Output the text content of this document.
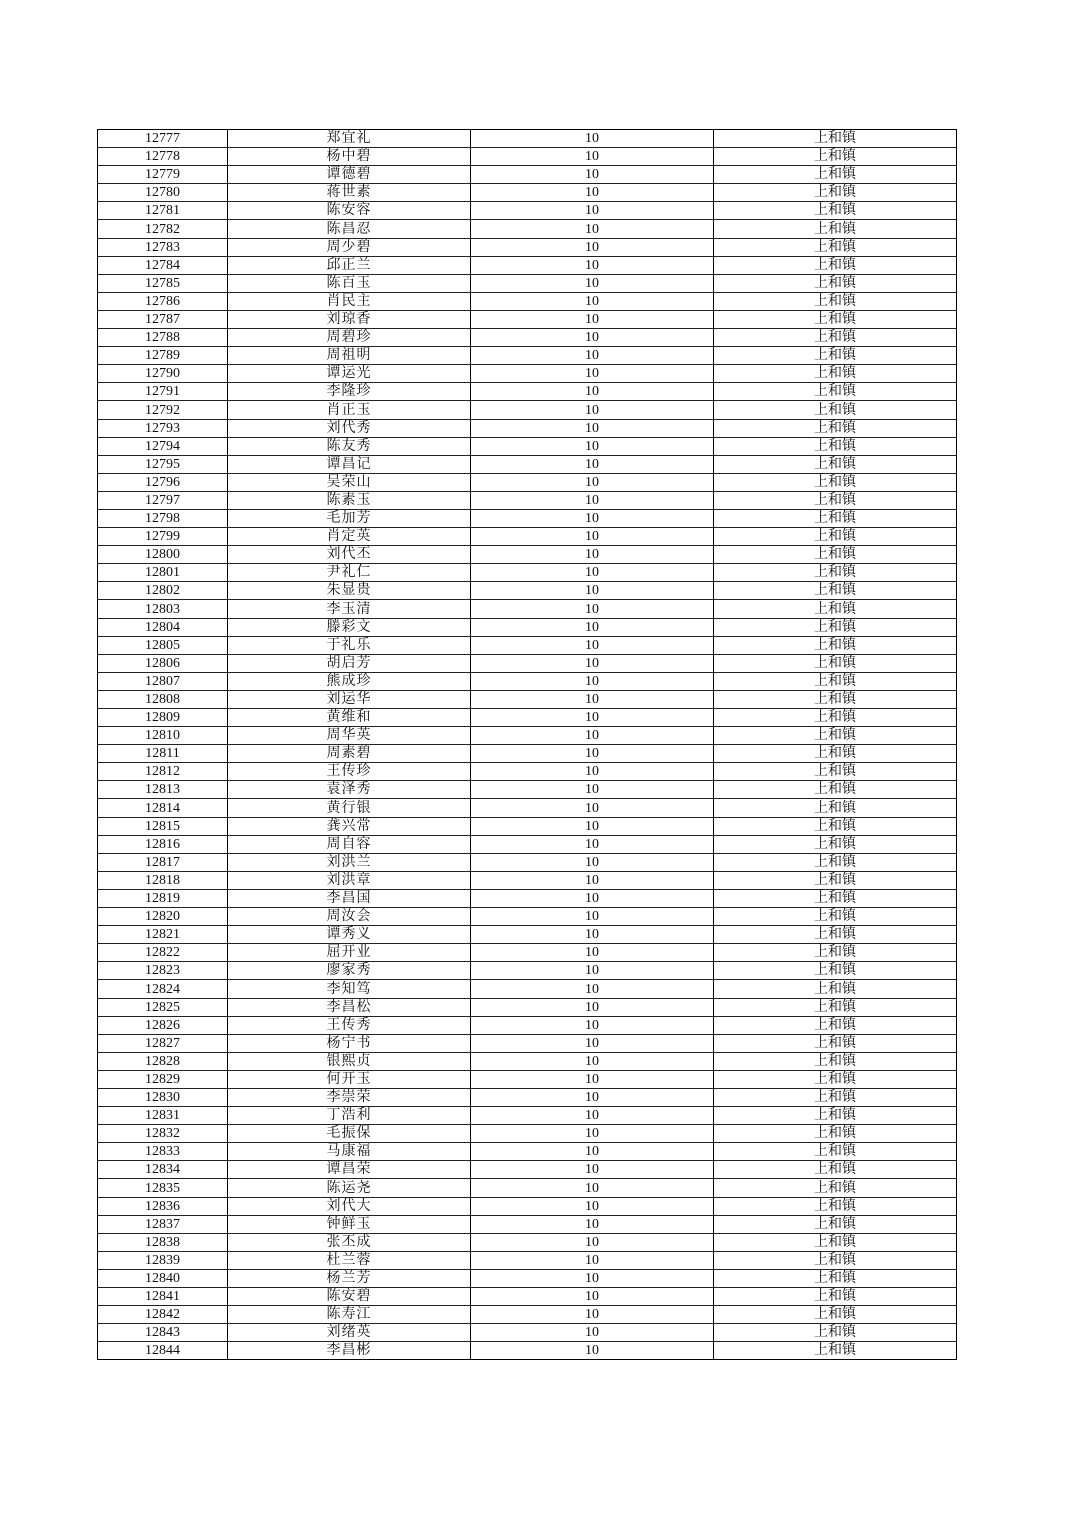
12777	郑宜礼	10	上和镇
12778	杨中碧	10	上和镇
12779	谭德碧	10	上和镇
12780	蒋世素	10	上和镇
12781	陈安容	10	上和镇
12782	陈昌忍	10	上和镇
12783	周少碧	10	上和镇
12784	邱正兰	10	上和镇
12785	陈百玉	10	上和镇
12786	肖民主	10	上和镇
12787	刘琼香	10	上和镇
12788	周碧珍	10	上和镇
12789	周祖明	10	上和镇
12790	谭运光	10	上和镇
12791	李隆珍	10	上和镇
12792	肖正玉	10	上和镇
12793	刘代秀	10	上和镇
12794	陈友秀	10	上和镇
12795	谭昌记	10	上和镇
12796	吴荣山	10	上和镇
12797	陈素玉	10	上和镇
12798	毛加芳	10	上和镇
12799	肖定英	10	上和镇
12800	刘代丕	10	上和镇
12801	尹礼仁	10	上和镇
12802	朱显贵	10	上和镇
12803	李玉清	10	上和镇
12804	滕彩文	10	上和镇
12805	于礼乐	10	上和镇
12806	胡启芳	10	上和镇
12807	熊成珍	10	上和镇
12808	刘运华	10	上和镇
12809	黄维和	10	上和镇
12810	周华英	10	上和镇
12811	周素碧	10	上和镇
12812	王传珍	10	上和镇
12813	袁泽秀	10	上和镇
12814	黄行银	10	上和镇
12815	龚兴常	10	上和镇
12816	周自容	10	上和镇
12817	刘洪兰	10	上和镇
12818	刘洪章	10	上和镇
12819	李昌国	10	上和镇
12820	周汝会	10	上和镇
12821	谭秀义	10	上和镇
12822	屈开业	10	上和镇
12823	廖家秀	10	上和镇
12824	李知笃	10	上和镇
12825	李昌松	10	上和镇
12826	王传秀	10	上和镇
12827	杨宁书	10	上和镇
12828	银熙贞	10	上和镇
12829	何开玉	10	上和镇
12830	李崇荣	10	上和镇
12831	丁浩利	10	上和镇
12832	毛振保	10	上和镇
12833	马康福	10	上和镇
12834	谭昌荣	10	上和镇
12835	陈运尧	10	上和镇
12836	刘代大	10	上和镇
12837	钟鲜玉	10	上和镇
12838	张丕成	10	上和镇
12839	杜兰蓉	10	上和镇
12840	杨兰芳	10	上和镇
12841	陈安碧	10	上和镇
12842	陈寿江	10	上和镇
12843	刘绪英	10	上和镇
12844	李昌彬	10	上和镇
